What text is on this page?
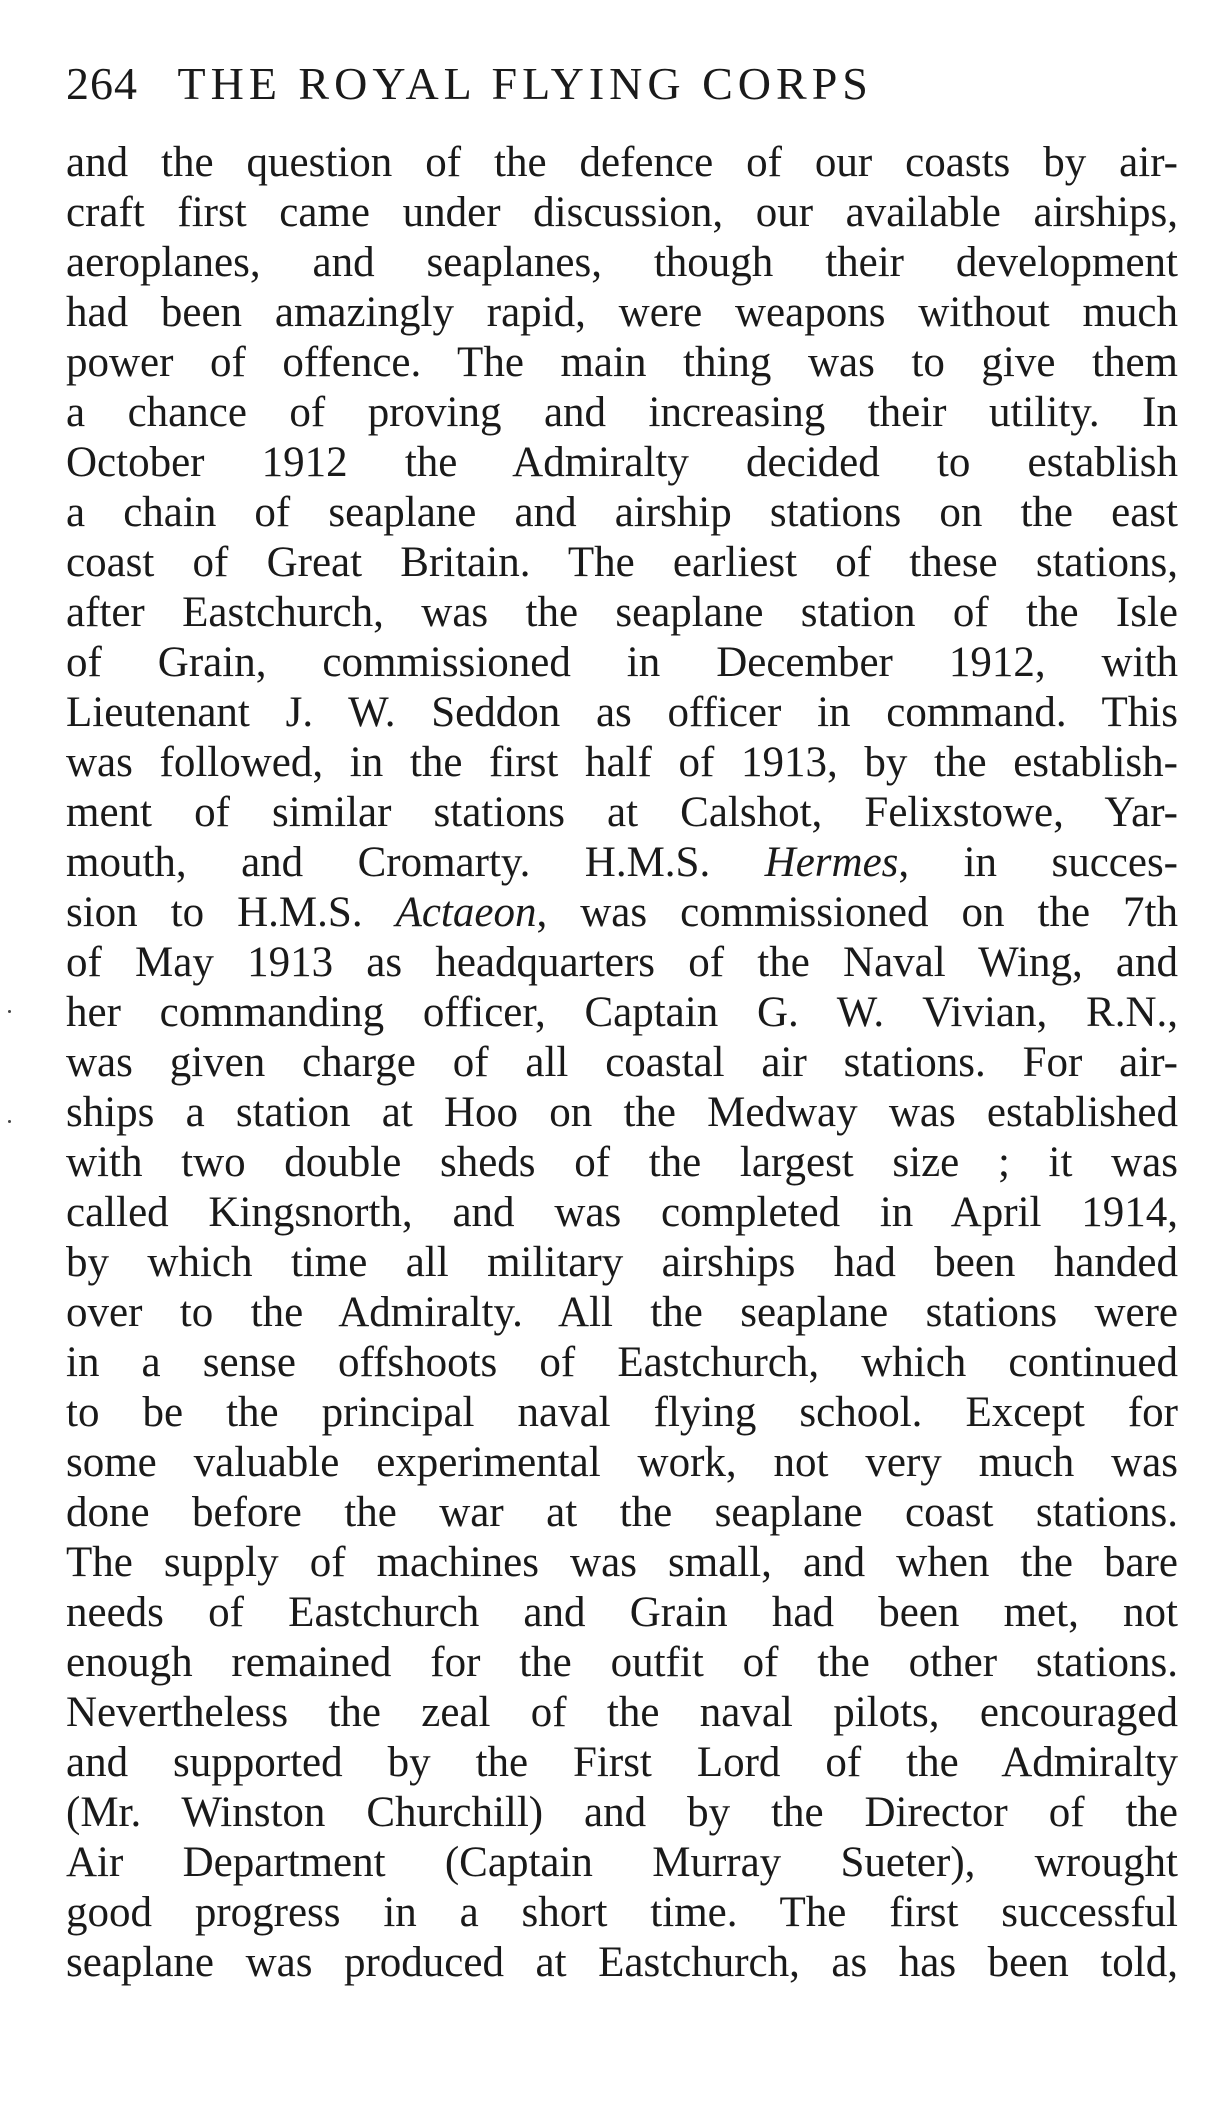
264 THE ROYAL FLYING CORPS
and the question of the defence of our coasts by air-
craft first came under discussion, our available airships,
aeroplanes, and seaplanes, though their development
had been amazingly rapid, were weapons without much
power of offence. The main thing was to give them
a chance of proving and increasing their utility. In
October 1912 the Admiralty decided to establish
a chain of seaplane and airship stations on the east
coast of Great Britain. The earliest of these stations,
after Eastchurch, was the seaplane station of the Isle
of Grain, commissioned in December 1912, with
Lieutenant J. W. Seddon as officer in command. This
was followed, in the first half of 1913, by the establish-
ment of similar stations at Calshot, Felixstowe, Yar-
mouth, and Cromarty. H.M.S. Hermes, in succes-
sion to H.M.S. Actaeon, was commissioned on the 7th
of May 1913 as headquarters of the Naval Wing, and
her commanding officer, Captain G. W. Vivian, R.N.,
was given charge of all coastal air stations. For air-
ships a station at Hoo on the Medway was established
with two double sheds of the largest size ; it was
called Kingsnorth, and was completed in April 1914,
by which time all military airships had been handed
over to the Admiralty. All the seaplane stations were
in a sense offshoots of Eastchurch, which continued
to be the principal naval flying school. Except for
some valuable experimental work, not very much was
done before the war at the seaplane coast stations.
The supply of machines was small, and when the bare
needs of Eastchurch and Grain had been met, not
enough remained for the outfit of the other stations.
Nevertheless the zeal of the naval pilots, encouraged
and supported by the First Lord of the Admiralty
(Mr. Winston Churchill) and by the Director of the
Air Department (Captain Murray Sueter), wrought
good progress in a short time. The first successful
seaplane was produced at Eastchurch, as has been told,
